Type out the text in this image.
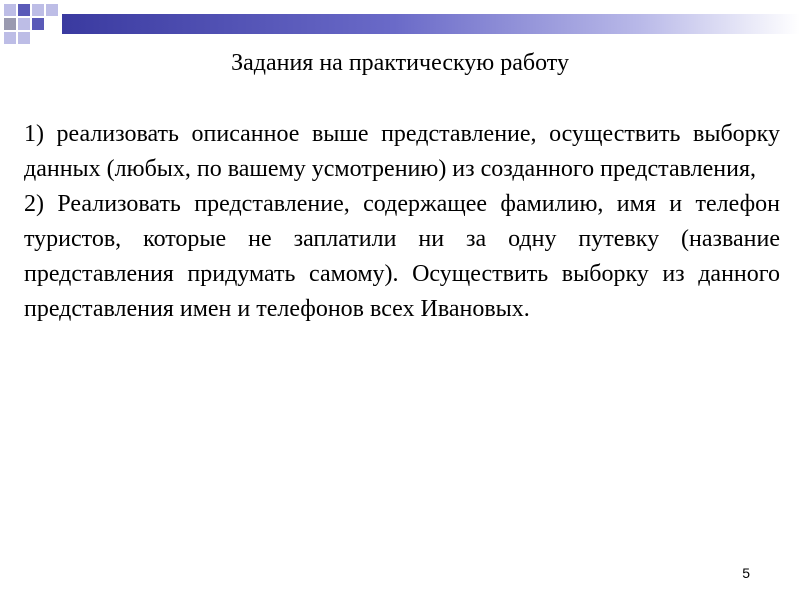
Задания на практическую работу

1) реализовать описанное выше представление, осуществить выборку данных (любых, по вашему усмотрению) из созданного представления,

2) Реализовать представление, содержащее фамилию, имя и телефон туристов, которые не заплатили ни за одну путевку (название представления придумать самому). Осуществить выборку из данного представления имен и телефонов всех Ивановых.

5
